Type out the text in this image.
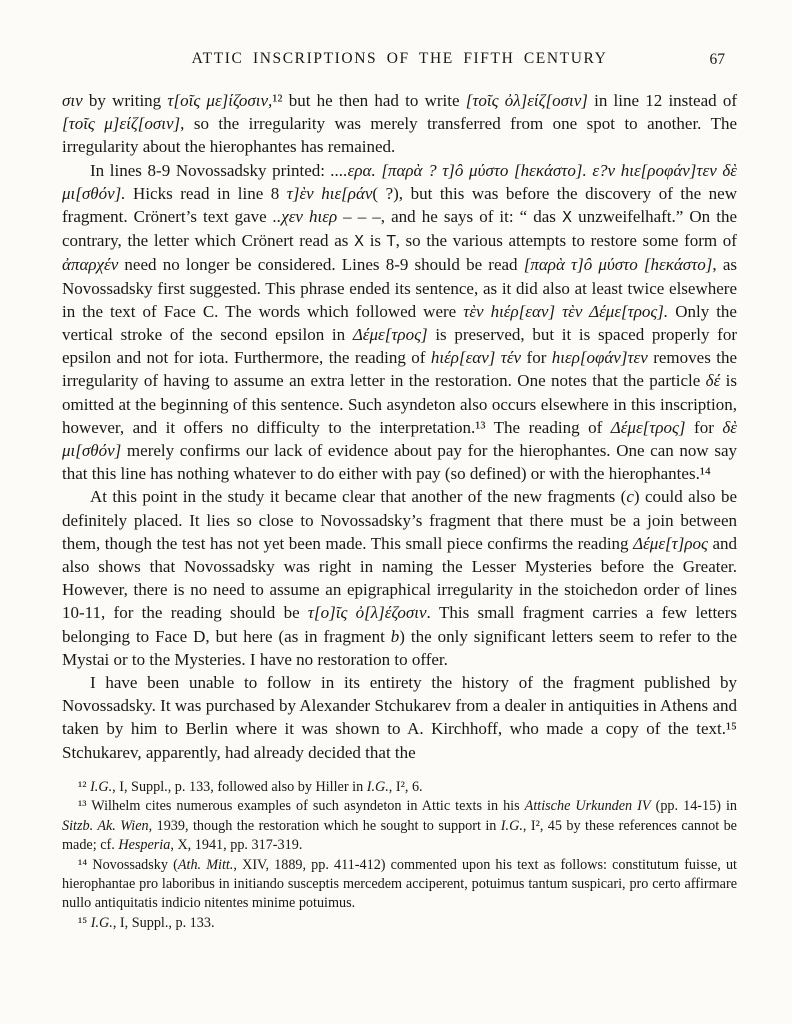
ATTIC INSCRIPTIONS OF THE FIFTH CENTURY	67

σιν by writing τ[οῖς με]ίζοσιν,¹² but he then had to write [τοῖς ὀλ]είζ[οσιν] in line 12 instead of [τοῖς μ]είζ[οσιν], so the irregularity was merely transferred from one spot to another. The irregularity about the hierophantes has remained.

In lines 8-9 Novossadsky printed: ....ερα. [παρὰ ? τ]ô μύστο [hεκάστο]. ε?ν hιε[ροφάν]τεν δὲ μι[σθόν]. Hicks read in line 8 τ]ὲν hιε[ράν( ?), but this was before the discovery of the new fragment. Crönert’s text gave ..χεν hιερ – – –, and he says of it: “ das X unzweifelhaft.” On the contrary, the letter which Crönert read as X is T, so the various attempts to restore some form of ἀπαρχέν need no longer be considered. Lines 8-9 should be read [παρὰ τ]ô μύστο [hεκάστο], as Novossadsky first suggested. This phrase ended its sentence, as it did also at least twice elsewhere in the text of Face C. The words which followed were τὲν hιέρ[εαν] τὲν Δέμε[τρος]. Only the vertical stroke of the second epsilon in Δέμε[τρος] is preserved, but it is spaced properly for epsilon and not for iota. Furthermore, the reading of hιέρ[εαν] τέν for hιερ[οφάν]τεν removes the irregularity of having to assume an extra letter in the restoration. One notes that the particle δέ is omitted at the beginning of this sentence. Such asyndeton also occurs elsewhere in this inscription, however, and it offers no difficulty to the interpretation.¹³ The reading of Δέμε[τρος] for δὲ μι[σθόν] merely confirms our lack of evidence about pay for the hierophantes. One can now say that this line has nothing whatever to do either with pay (so defined) or with the hierophantes.¹⁴

At this point in the study it became clear that another of the new fragments (c) could also be definitely placed. It lies so close to Novossadsky’s fragment that there must be a join between them, though the test has not yet been made. This small piece confirms the reading Δέμε[τ]ρος and also shows that Novossadsky was right in naming the Lesser Mysteries before the Greater. However, there is no need to assume an epigraphical irregularity in the stoichedon order of lines 10-11, for the reading should be τ[ο]ῖς ὀ[λ]έζοσιν. This small fragment carries a few letters belonging to Face D, but here (as in fragment b) the only significant letters seem to refer to the Mystai or to the Mysteries. I have no restoration to offer.

I have been unable to follow in its entirety the history of the fragment published by Novossadsky. It was purchased by Alexander Stchukarev from a dealer in antiquities in Athens and taken by him to Berlin where it was shown to A. Kirchhoff, who made a copy of the text.¹⁵ Stchukarev, apparently, had already decided that the

¹² I.G., I, Suppl., p. 133, followed also by Hiller in I.G., I², 6.

¹³ Wilhelm cites numerous examples of such asyndeton in Attic texts in his Attische Urkunden IV (pp. 14-15) in Sitzb. Ak. Wien, 1939, though the restoration which he sought to support in I.G., I², 45 by these references cannot be made; cf. Hesperia, X, 1941, pp. 317-319.

¹⁴ Novossadsky (Ath. Mitt., XIV, 1889, pp. 411-412) commented upon his text as follows: constitutum fuisse, ut hierophantae pro laboribus in initiando susceptis mercedem acciperent, potuimus tantum suspicari, pro certo affirmare nullo antiquitatis indicio nitentes minime potuimus.

¹⁵ I.G., I, Suppl., p. 133.
